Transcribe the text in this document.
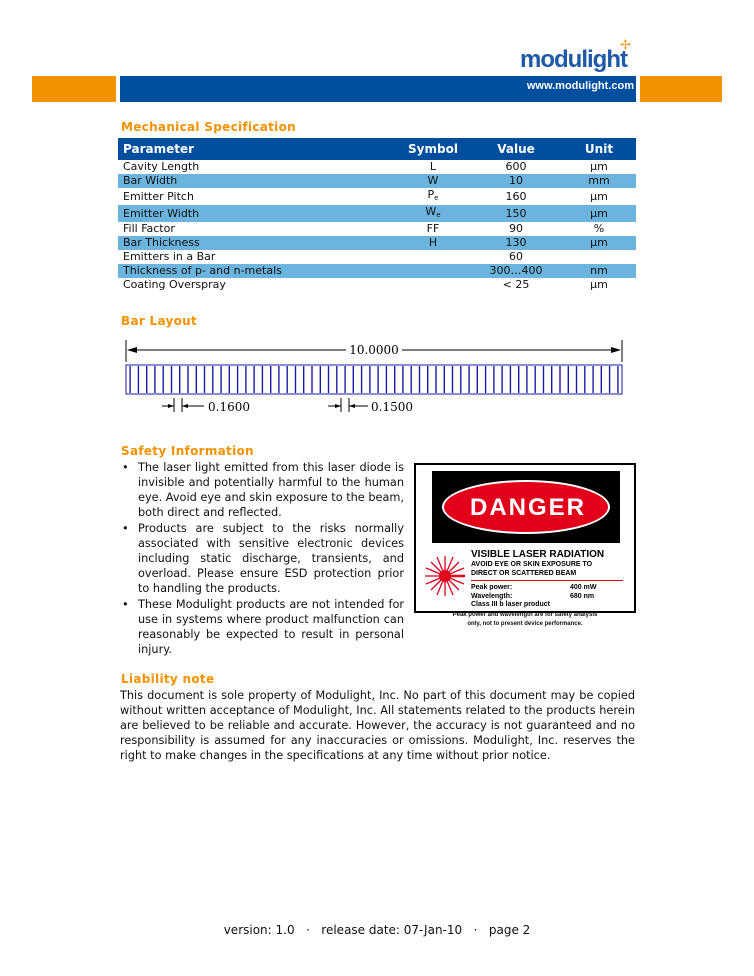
modulight
✢
www.modulight.com
Mechanical Specification
Parameter	Symbol	Value	Unit
Cavity Length	L	600	µm
Bar Width	W	10	mm
Emitter Pitch	$P_e$	160	µm
Emitter Width	$W_e$	150	µm
Fill Factor	FF	90	%
Bar Thickness	H	130	µm
Emitters in a Bar		60	
Thickness of p- and n-metals		300…400	nm
Coating Overspray		< 25	µm
Bar Layout
10.0000
0.1600	0.1500
Safety Information
• The laser light emitted from this laser diode is invisible and potentially harmful to the human eye. Avoid eye and skin exposure to the beam, both direct and reflected.
• Products are subject to the risks normally associated with sensitive electronic devices including static discharge, transients, and overload. Please ensure ESD protection prior to handling the products.
• These Modulight products are not intended for use in systems where product malfunction can reasonably be expected to result in personal injury.
DANGER
VISIBLE LASER RADIATION
AVOID EYE OR SKIN EXPOSURE TO
DIRECT OR SCATTERED BEAM
Peak power:	400 mW
Wavelength:	680 nm
Class III b laser product
Peak power and wavelength are for safety analysis
only, not to present device performance.
Liability note
This document is sole property of Modulight, Inc. No part of this document may be copied without written acceptance of Modulight, Inc. All statements related to the products herein are believed to be reliable and accurate. However, the accuracy is not guaranteed and no responsibility is assumed for any inaccuracies or omissions. Modulight, Inc. reserves the right to make changes in the specifications at any time without prior notice.
version: 1.0   ·   release date: 07-Jan-10   ·   page 2
